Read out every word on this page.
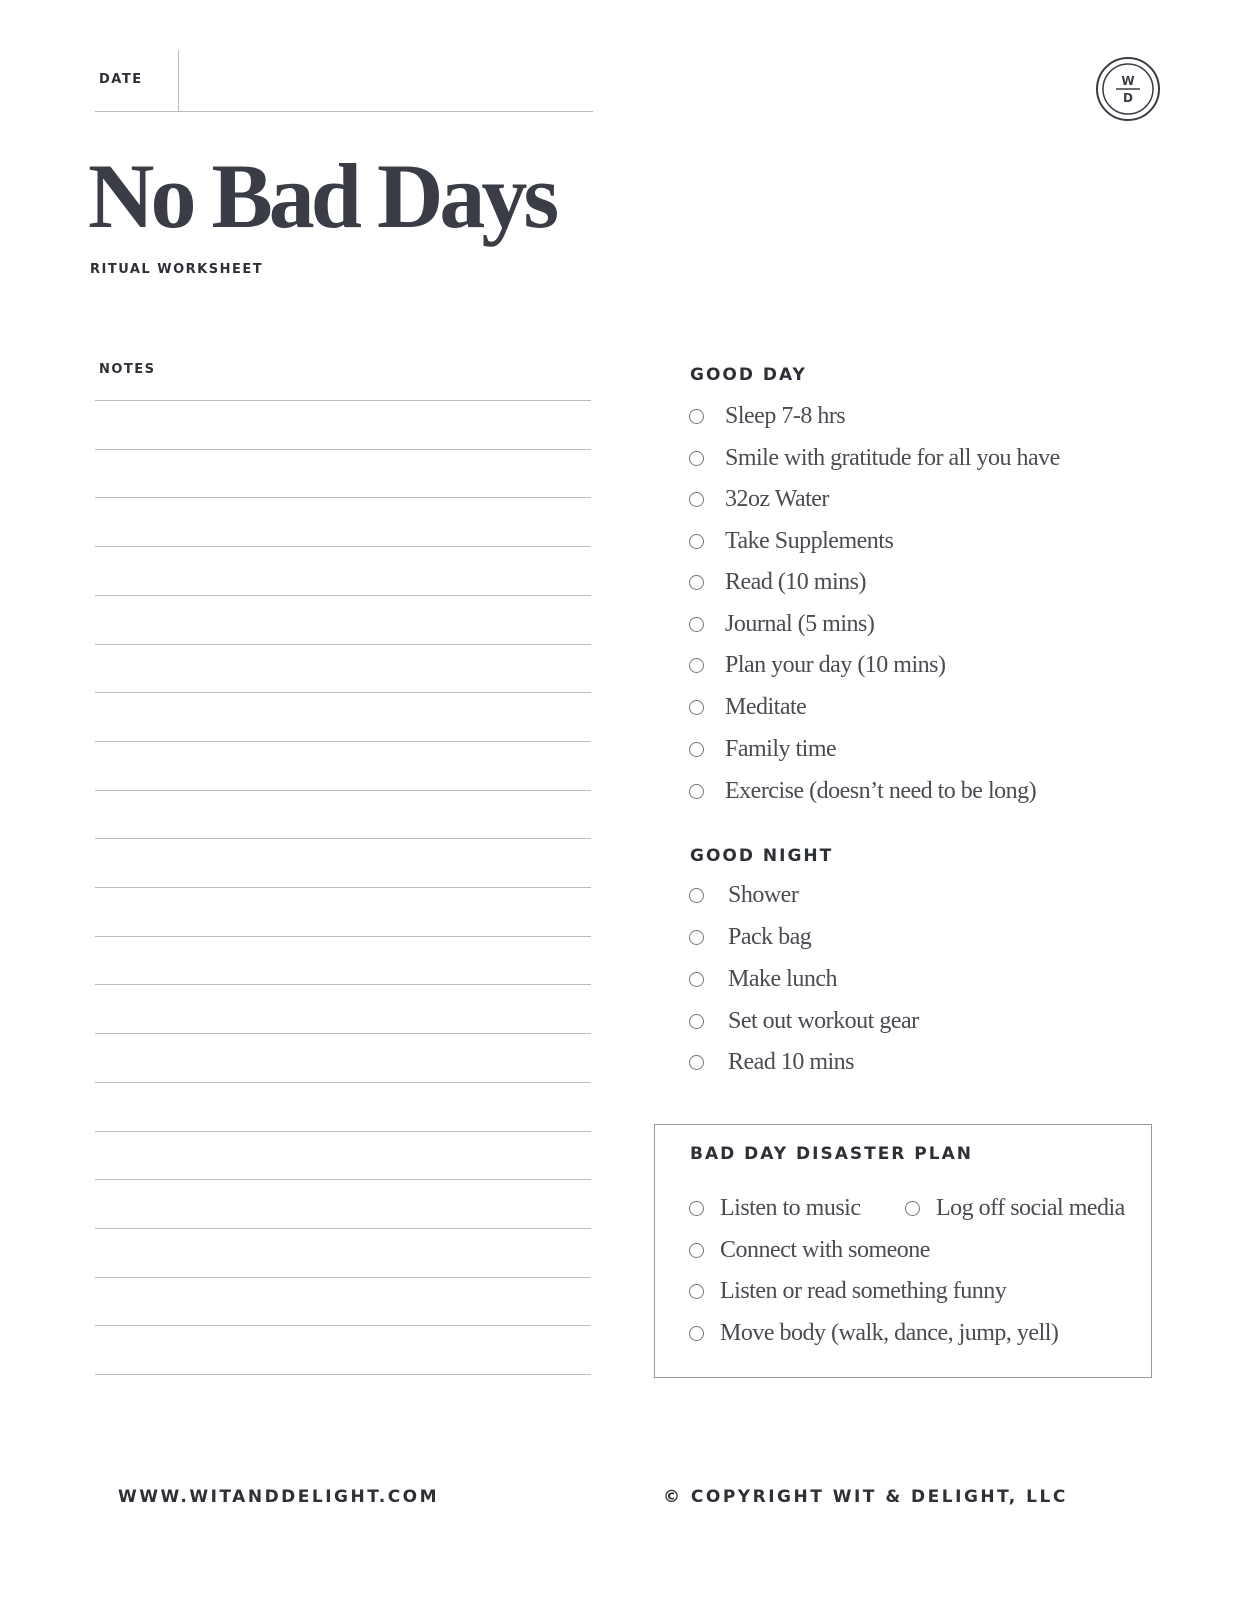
DATE	W
D
No Bad Days
RITUAL WORKSHEET
NOTES	GOOD DAY
Sleep 7-8 hrs
Smile with gratitude for all you have
32oz Water
Take Supplements
Read (10 mins)
Journal (5 mins)
Plan your day (10 mins)
Meditate
Family time
Exercise (doesn’t need to be long)
GOOD NIGHT
Shower
Pack bag
Make lunch
Set out workout gear
Read 10 mins
BAD DAY DISASTER PLAN
Listen to music	Log off social media
Connect with someone
Listen or read something funny
Move body (walk, dance, jump, yell)
WWW.WITANDDELIGHT.COM	© COPYRIGHT WIT & DELIGHT, LLC
